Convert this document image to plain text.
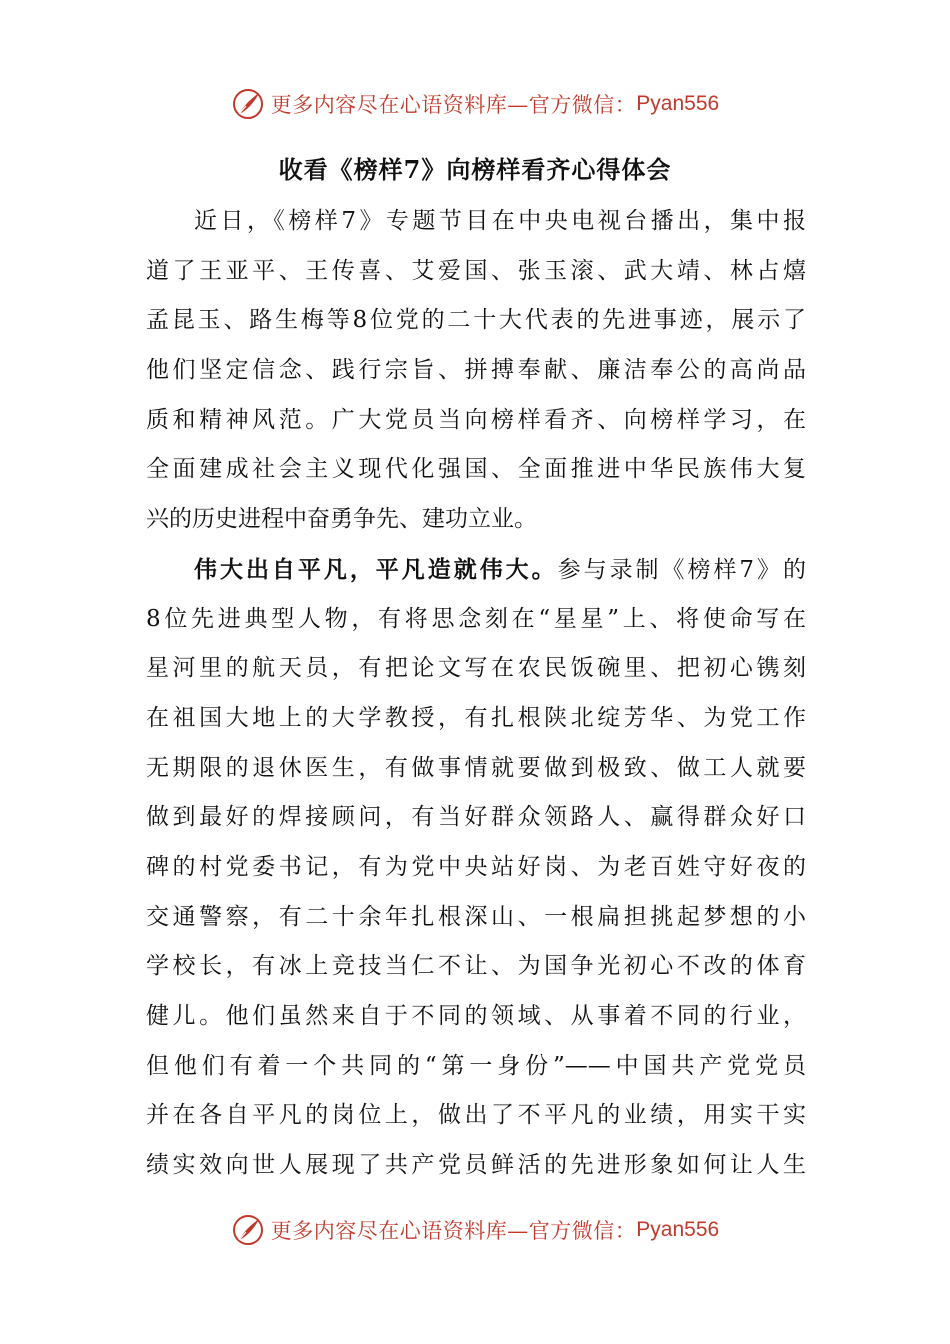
更多内容尽在心语资料库—官方微信： Pyan556
收看《榜样7》向榜样看齐心得体会
近日，《榜样7》专题节目在中央电视台播出，集中报
道了王亚平、王传喜、艾爱国、张玉滚、武大靖、林占熺
孟昆玉、路生梅等8位党的二十大代表的先进事迹，展示了
他们坚定信念、践行宗旨、拼搏奉献、廉洁奉公的高尚品
质和精神风范。广大党员当向榜样看齐、向榜样学习，在
全面建成社会主义现代化强国、全面推进中华民族伟大复
兴的历史进程中奋勇争先、建功立业。
伟大出自平凡，平凡造就伟大。参与录制《榜样7》的
8位先进典型人物，有将思念刻在“星星”上、将使命写在
星河里的航天员，有把论文写在农民饭碗里、把初心镌刻
在祖国大地上的大学教授，有扎根陕北绽芳华、为党工作
无期限的退休医生，有做事情就要做到极致、做工人就要
做到最好的焊接顾问，有当好群众领路人、赢得群众好口
碑的村党委书记，有为党中央站好岗、为老百姓守好夜的
交通警察，有二十余年扎根深山、一根扁担挑起梦想的小
学校长，有冰上竞技当仁不让、为国争光初心不改的体育
健儿。他们虽然来自于不同的领域、从事着不同的行业，
但他们有着一个共同的“第一身份”——中国共产党党员
并在各自平凡的岗位上，做出了不平凡的业绩，用实干实
绩实效向世人展现了共产党员鲜活的先进形象如何让人生
更多内容尽在心语资料库—官方微信： Pyan556
